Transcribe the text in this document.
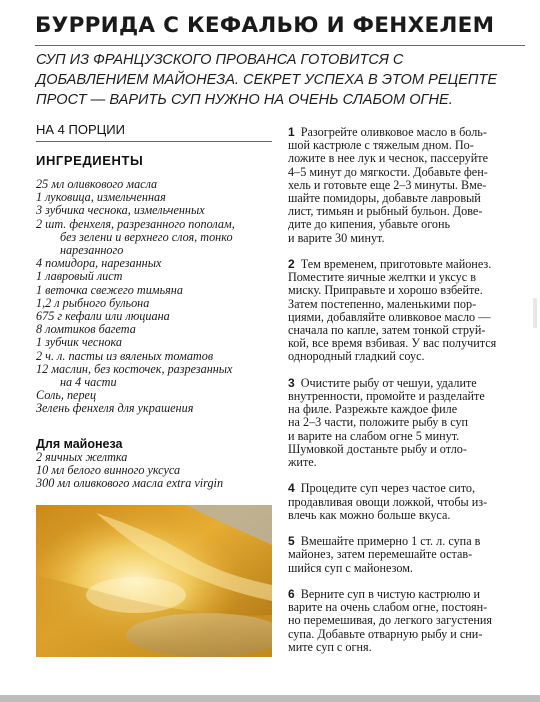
БУРРИДА С КЕФАЛЬЮ И ФЕНХЕЛЕМ
СУП ИЗ ФРАНЦУЗСКОГО ПРОВАНСА ГОТОВИТСЯ С
ДОБАВЛЕНИЕМ МАЙОНЕЗА. СЕКРЕТ УСПЕХА В ЭТОМ РЕЦЕПТЕ
ПРОСТ — ВАРИТЬ СУП НУЖНО НА ОЧЕНЬ СЛАБОМ ОГНЕ.
НА 4 ПОРЦИИ
ИНГРЕДИЕНТЫ
25 мл оливкового масла
1 луковица, измельченная
3 зубчика чеснока, измельченных
2 шт. фенхеля, разрезанного пополам,
без зелени и верхнего слоя, тонко
нарезанного
4 помидора, нарезанных
1 лавровый лист
1 веточка свежего тимьяна
1,2 л рыбного бульона
675 г кефали или люциана
8 ломтиков багета
1 зубчик чеснока
2 ч. л. пасты из вяленых томатов
12 маслин, без косточек, разрезанных
на 4 части
Соль, перец
Зелень фенхеля для украшения
Для майонеза
2 яичных желтка
10 мл белого винного уксуса
300 мл оливкового масла extra virgin
1 Разогрейте оливковое масло в боль-
шой кастрюле с тяжелым дном. По-
ложите в нее лук и чеснок, пассеруйте
4–5 минут до мягкости. Добавьте фен-
хель и готовьте еще 2–3 минуты. Вме-
шайте помидоры, добавьте лавровый
лист, тимьян и рыбный бульон. Дове-
дите до кипения, убавьте огонь
и варите 30 минут.
2 Тем временем, приготовьте майонез.
Поместите яичные желтки и уксус в
миску. Приправьте и хорошо взбейте.
Затем постепенно, маленькими пор-
циями, добавляйте оливковое масло —
сначала по капле, затем тонкой струй-
кой, все время взбивая. У вас получится
однородный гладкий соус.
3 Очистите рыбу от чешуи, удалите
внутренности, промойте и разделайте
на филе. Разрежьте каждое филе
на 2–3 части, положите рыбу в суп
и варите на слабом огне 5 минут.
Шумовкой достаньте рыбу и отло-
жите.
4 Процедите суп через частое сито,
продавливая овощи ложкой, чтобы из-
влечь как можно больше вкуса.
5 Вмешайте примерно 1 ст. л. супа в
майонез, затем перемешайте остав-
шийся суп с майонезом.
6 Верните суп в чистую кастрюлю и
варите на очень слабом огне, постоян-
но перемешивая, до легкого загустения
супа. Добавьте отварную рыбу и сни-
мите суп с огня.
